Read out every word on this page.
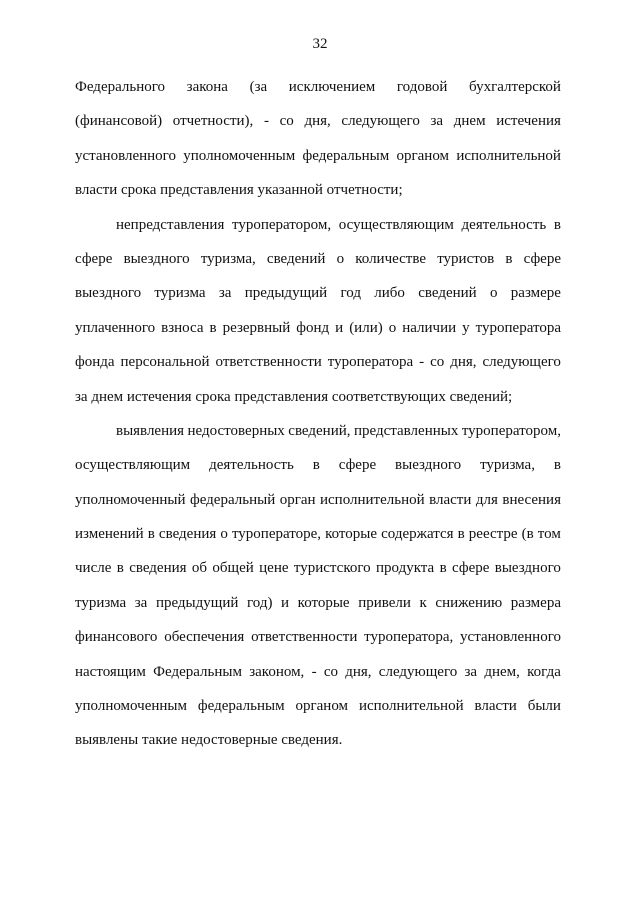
32
Федерального закона (за исключением годовой бухгалтерской
(финансовой) отчетности), - со дня, следующего за днем истечения
установленного уполномоченным федеральным органом исполнительной
власти срока представления указанной отчетности;
непредставления туроператором, осуществляющим деятельность в
сфере выездного туризма, сведений о количестве туристов в сфере
выездного туризма за предыдущий год либо сведений о размере
уплаченного взноса в резервный фонд и (или) о наличии у туроператора
фонда персональной ответственности туроператора - со дня, следующего
за днем истечения срока представления соответствующих сведений;
выявления недостоверных сведений, представленных туроператором,
осуществляющим деятельность в сфере выездного туризма, в
уполномоченный федеральный орган исполнительной власти для внесения
изменений в сведения о туроператоре, которые содержатся в реестре (в том
числе в сведения об общей цене туристского продукта в сфере выездного
туризма за предыдущий год) и которые привели к снижению размера
финансового обеспечения ответственности туроператора, установленного
настоящим Федеральным законом, - со дня, следующего за днем, когда
уполномоченным федеральным органом исполнительной власти были
выявлены такие недостоверные сведения.
